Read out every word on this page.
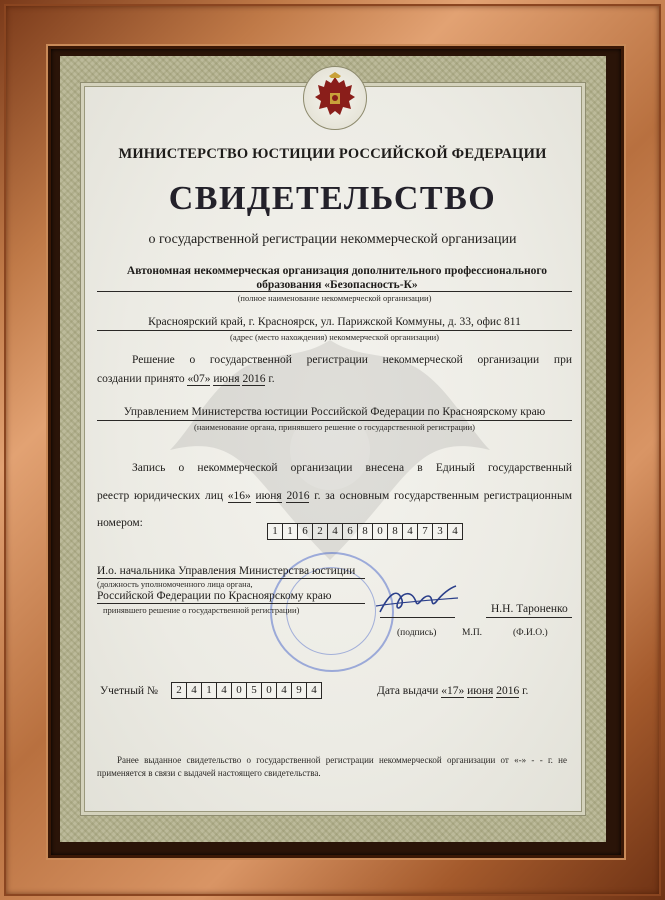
МИНИСТЕРСТВО ЮСТИЦИИ РОССИЙСКОЙ ФЕДЕРАЦИИ
СВИДЕТЕЛЬСТВО
о государственной регистрации некоммерческой организации
Автономная некоммерческая организация дополнительного профессионального
образования «Безопасность-К»
(полное наименование некоммерческой организации)
Красноярский край, г. Красноярск, ул. Парижской Коммуны, д. 33, офис 811
(адрес (место нахождения) некоммерческой организации)
Решение о государственной регистрации некоммерческой организации при
создании принято «07» июня 2016 г.
Управлением Министерства юстиции Российской Федерации по Красноярскому краю
(наименование органа, принявшего решение о государственной регистрации)
Запись о некоммерческой организации внесена в Единый государственный
реестр юридических лиц «16» июня 2016 г. за основным государственным регистрационным
номером:
1 1 6 2 4 6 8 0 8 4 7 3 4
И.о. начальника Управления Министерства юстиции
(должность уполномоченного лица органа,
Российской Федерации по Красноярскому краю
принявшего решение о государственной регистрации)	Н.Н. Тароненко
(подпись)	М.П.	(Ф.И.О.)
Учетный №	2 4 1 4 0 5 0 4 9 4	Дата выдачи «17» июня 2016 г.
Ранее выданное свидетельство о государственной регистрации некоммерческой организации от «-» - - г. не применяется в связи с выдачей настоящего свидетельства.
